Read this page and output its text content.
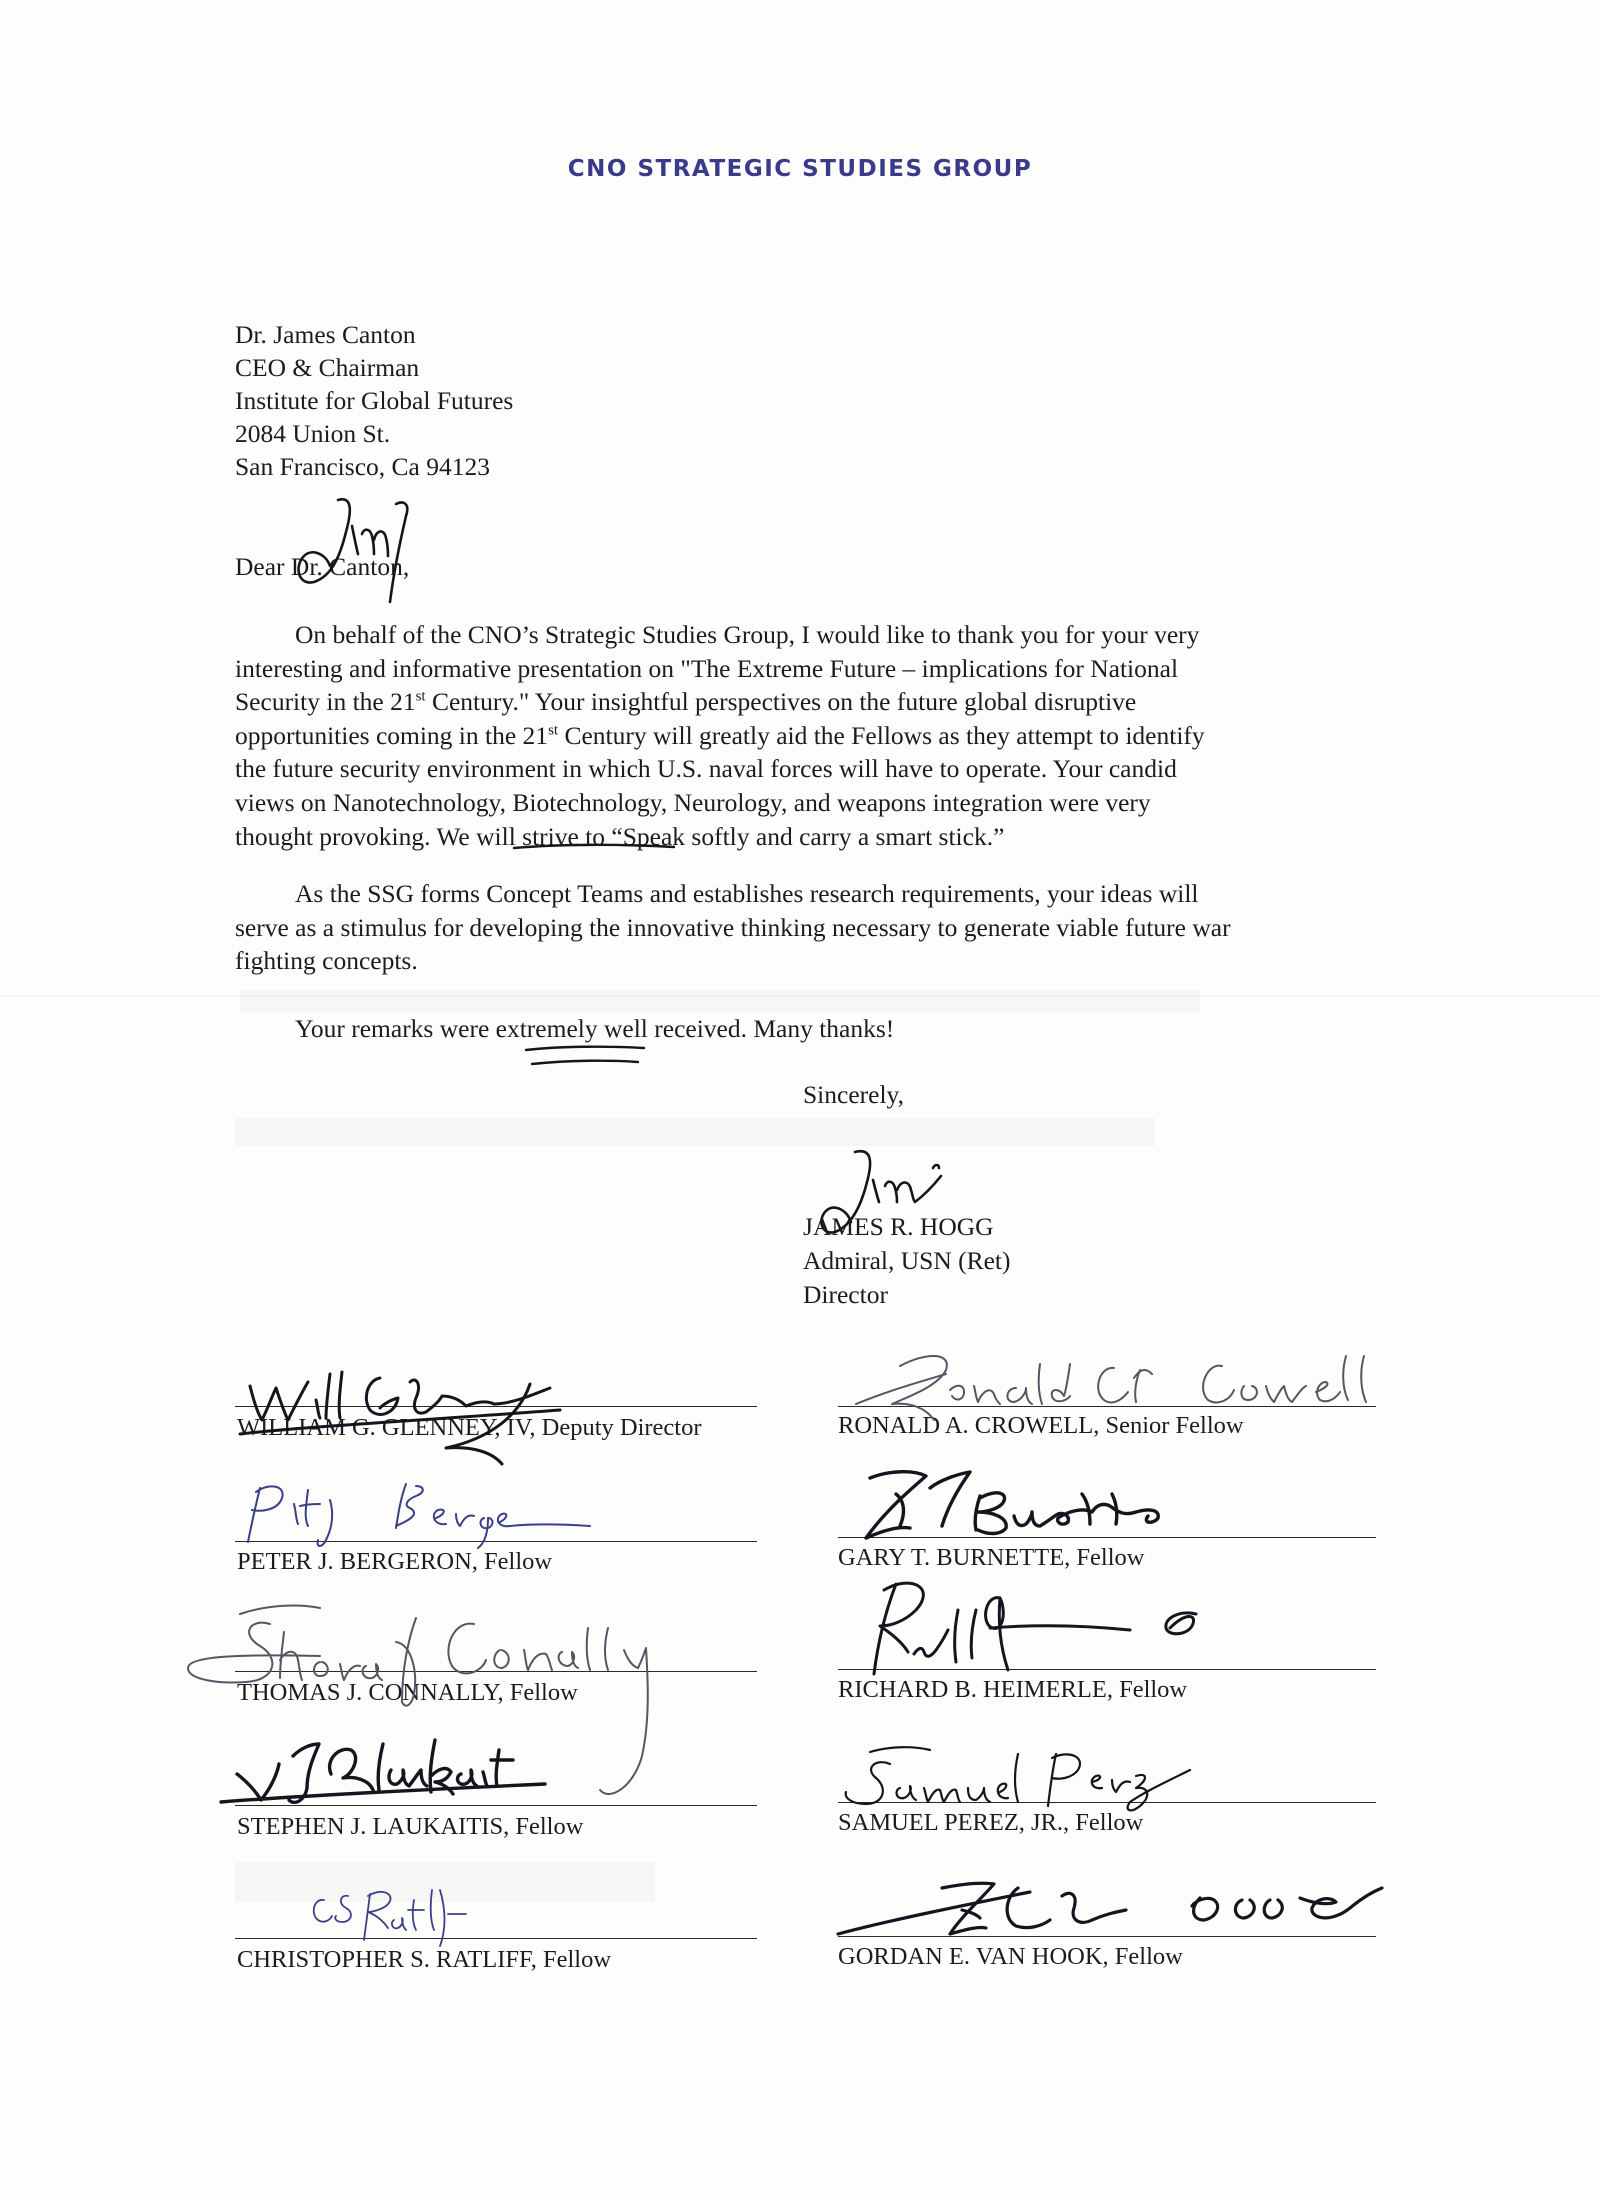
CNO STRATEGIC STUDIES GROUP
Dr. James Canton
CEO & Chairman
Institute for Global Futures
2084 Union St.
San Francisco, Ca 94123
Dear Dr. Canton,

On behalf of the CNO’s Strategic Studies Group, I would like to thank you for your very
interesting and informative presentation on "The Extreme Future – implications for National
Security in the 21st Century." Your insightful perspectives on the future global disruptive
opportunities coming in the 21st Century will greatly aid the Fellows as they attempt to identify
the future security environment in which U.S. naval forces will have to operate. Your candid
views on Nanotechnology, Biotechnology, Neurology, and weapons integration were very
thought provoking. We will strive to “Speak softly and carry a smart stick.”

As the SSG forms Concept Teams and establishes research requirements, your ideas will
serve as a stimulus for developing the innovative thinking necessary to generate viable future war
fighting concepts.

Your remarks were extremely well received. Many thanks!

Sincerely,
JAMES R. HOGG
Admiral, USN (Ret)
Director
WILLIAM G. GLENNEY, IV, Deputy Director	RONALD A. CROWELL, Senior Fellow
PETER J. BERGERON, Fellow	GARY T. BURNETTE, Fellow
THOMAS J. CONNALLY, Fellow	RICHARD B. HEIMERLE, Fellow
STEPHEN J. LAUKAITIS, Fellow	SAMUEL PEREZ, JR., Fellow
CHRISTOPHER S. RATLIFF, Fellow	GORDAN E. VAN HOOK, Fellow
